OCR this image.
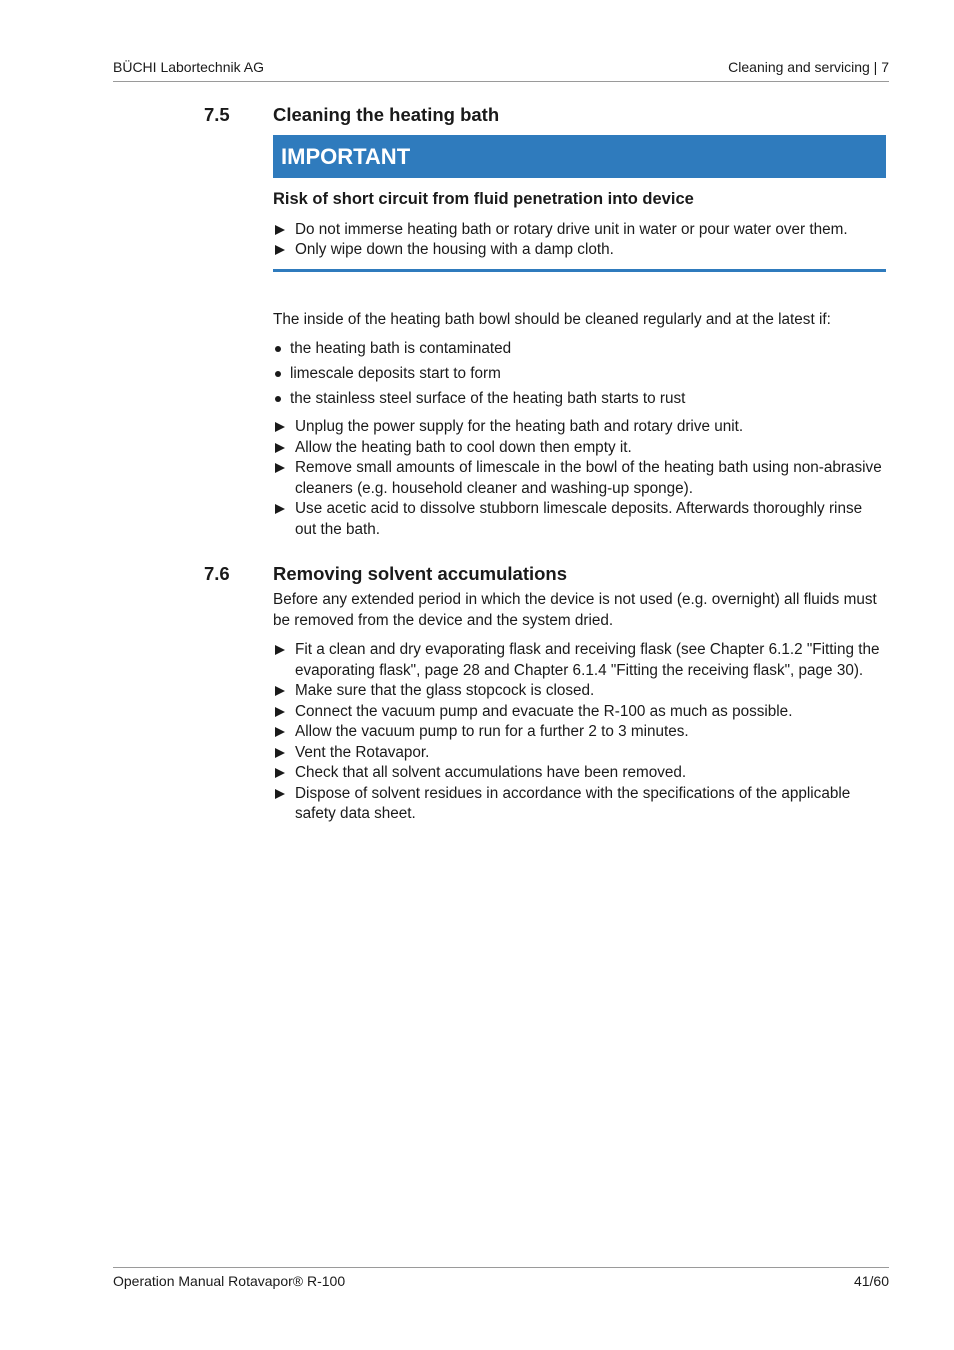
BÜCHI Labortechnik AG	Cleaning and servicing | 7
7.5	Cleaning the heating bath
IMPORTANT
Risk of short circuit from fluid penetration into device
Do not immerse heating bath or rotary drive unit in water or pour water over them.
Only wipe down the housing with a damp cloth.

The inside of the heating bath bowl should be cleaned regularly and at the latest if:

the heating bath is contaminated
limescale deposits start to form
the stainless steel surface of the heating bath starts to rust
Unplug the power supply for the heating bath and rotary drive unit.
Allow the heating bath to cool down then empty it.
Remove small amounts of limescale in the bowl of the heating bath using non-abrasive cleaners (e.g. household cleaner and washing-up sponge).
Use acetic acid to dissolve stubborn limescale deposits. Afterwards thoroughly rinse out the bath.
7.6	Removing solvent accumulations

Before any extended period in which the device is not used (e.g. overnight) all fluids must be removed from the device and the system dried.

Fit a clean and dry evaporating flask and receiving flask (see Chapter 6.1.2 "Fitting the evaporating flask", page 28 and Chapter 6.1.4 "Fitting the receiving flask", page 30).
Make sure that the glass stopcock is closed.
Connect the vacuum pump and evacuate the R-100 as much as possible.
Allow the vacuum pump to run for a further 2 to 3 minutes.
Vent the Rotavapor.
Check that all solvent accumulations have been removed.
Dispose of solvent residues in accordance with the specifications of the applicable safety data sheet.
Operation Manual Rotavapor® R-100	41/60
